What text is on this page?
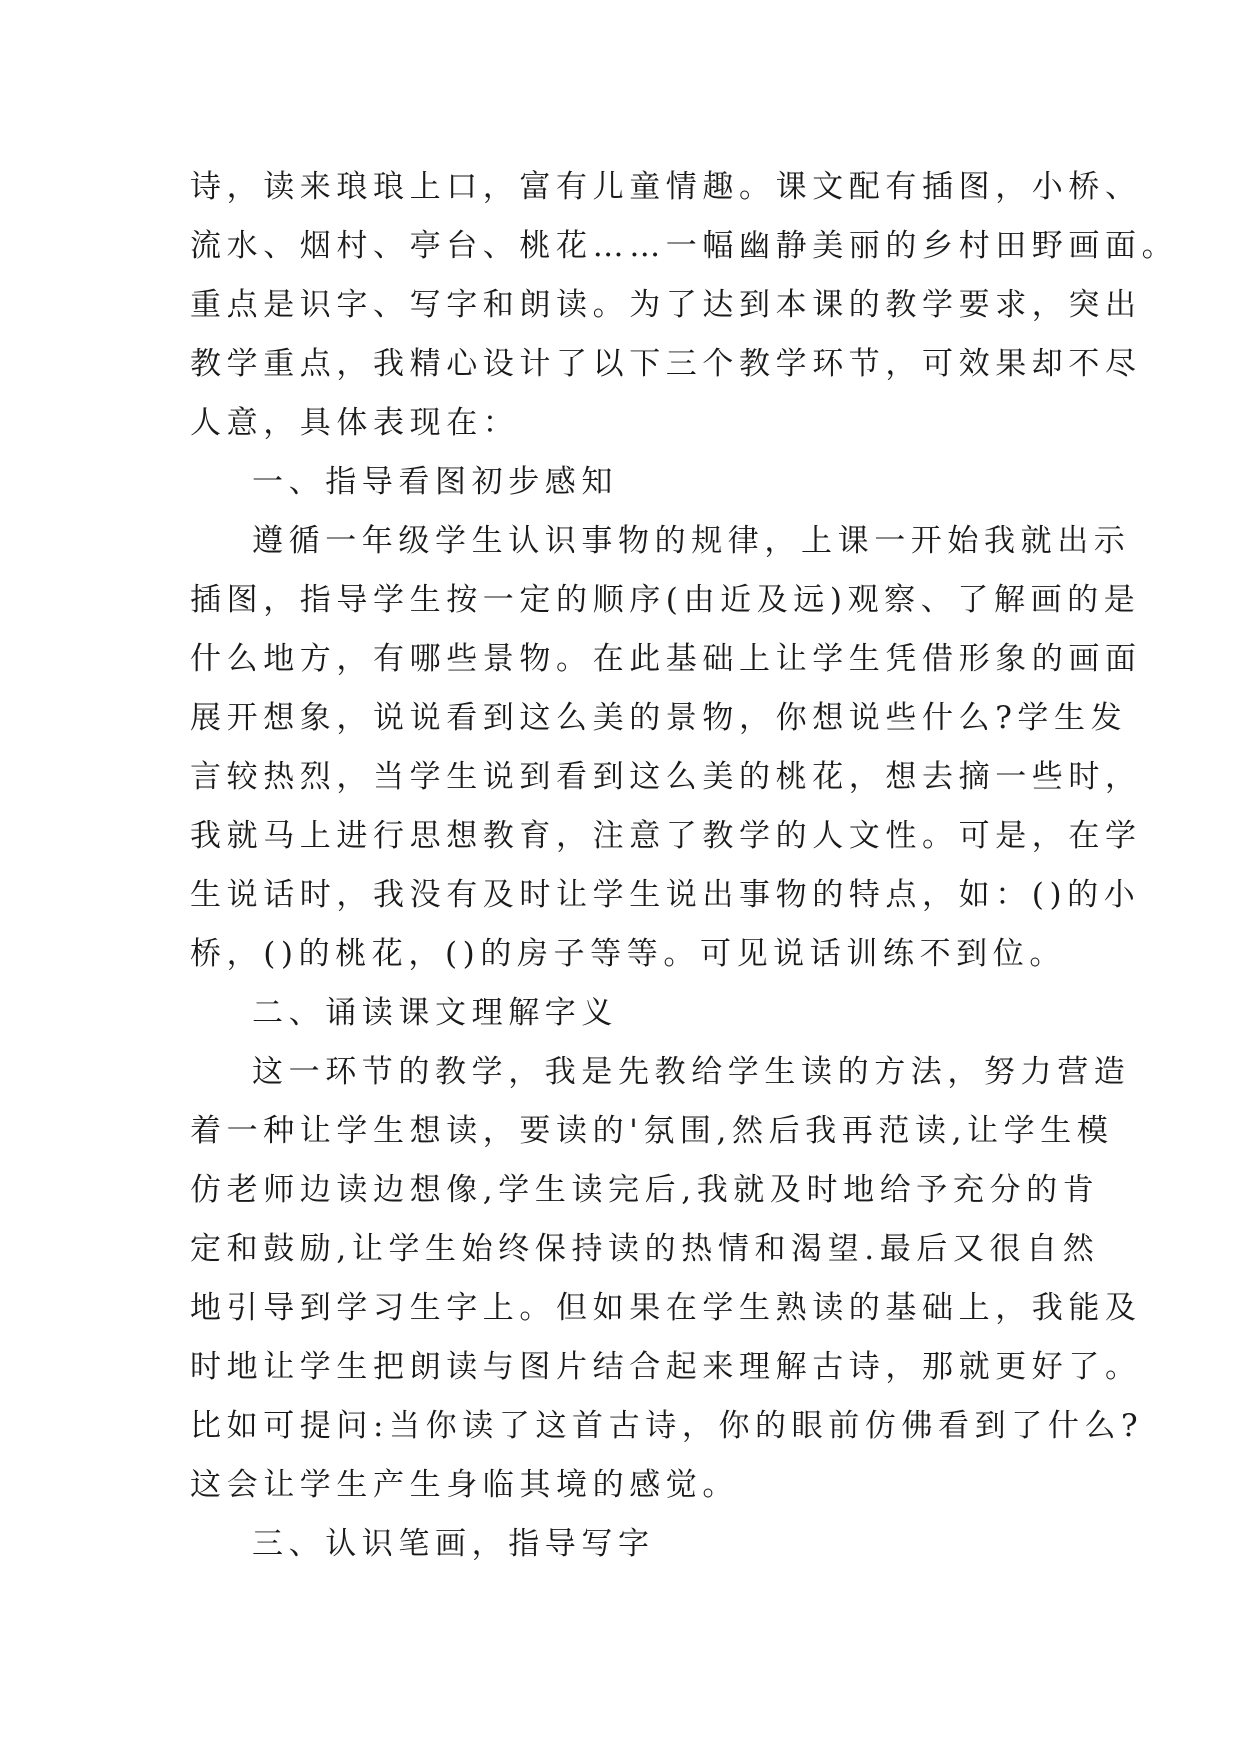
诗，读来琅琅上口，富有儿童情趣。课文配有插图，小桥、
流水、烟村、亭台、桃花……一幅幽静美丽的乡村田野画面。
重点是识字、写字和朗读。为了达到本课的教学要求，突出
教学重点，我精心设计了以下三个教学环节，可效果却不尽
人意，具体表现在：
一、指导看图初步感知
遵循一年级学生认识事物的规律，上课一开始我就出示
插图，指导学生按一定的顺序(由近及远)观察、了解画的是
什么地方，有哪些景物。在此基础上让学生凭借形象的画面
展开想象，说说看到这么美的景物，你想说些什么?学生发
言较热烈，当学生说到看到这么美的桃花，想去摘一些时，
我就马上进行思想教育，注意了教学的人文性。可是，在学
生说话时，我没有及时让学生说出事物的特点，如：()的小
桥，()的桃花，()的房子等等。可见说话训练不到位。
二、诵读课文理解字义
这一环节的教学，我是先教给学生读的方法，努力营造
着一种让学生想读，要读的'氛围,然后我再范读,让学生模
仿老师边读边想像,学生读完后,我就及时地给予充分的肯
定和鼓励,让学生始终保持读的热情和渴望.最后又很自然
地引导到学习生字上。但如果在学生熟读的基础上，我能及
时地让学生把朗读与图片结合起来理解古诗，那就更好了。
比如可提问:当你读了这首古诗，你的眼前仿佛看到了什么?
这会让学生产生身临其境的感觉。
三、认识笔画，指导写字
